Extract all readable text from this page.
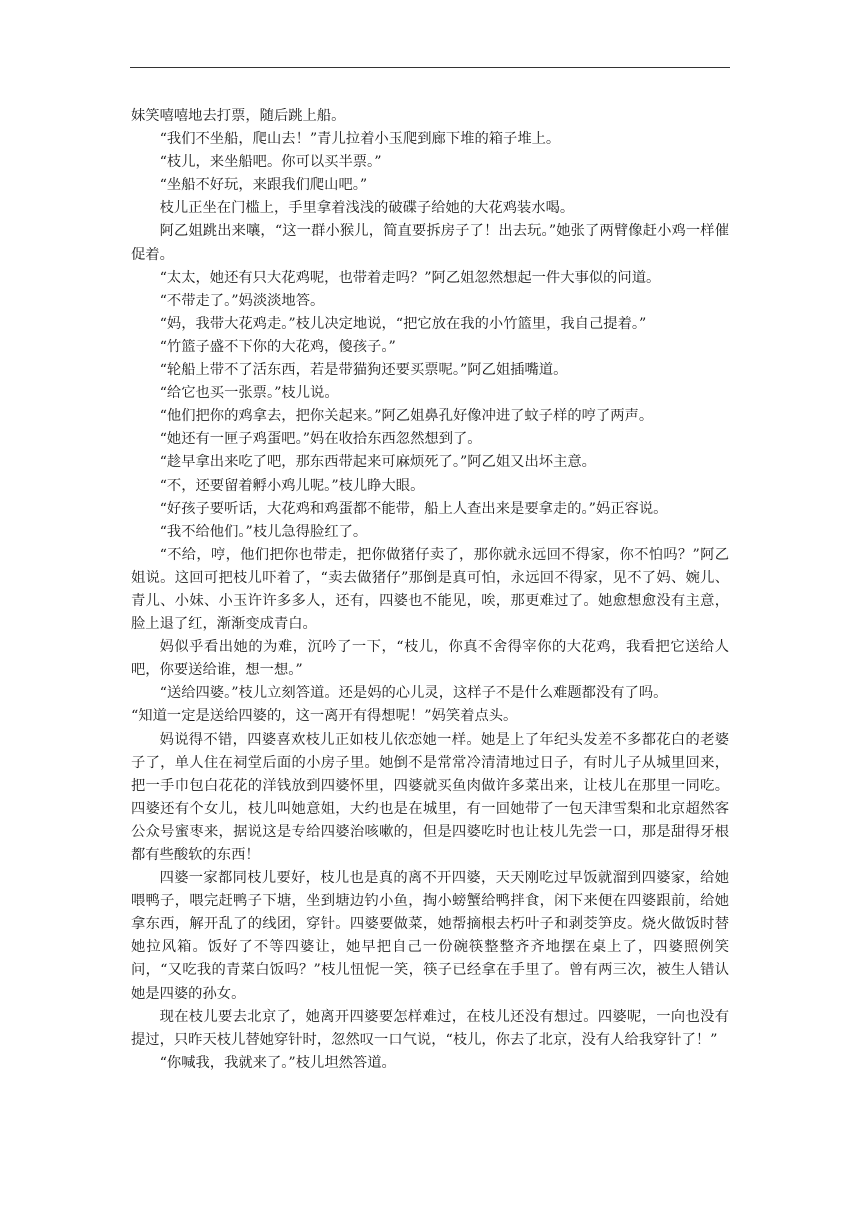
妹笑嘻嘻地去打票，随后跳上船。

“我们不坐船，爬山去！”青儿拉着小玉爬到廊下堆的箱子堆上。

“枝儿，来坐船吧。你可以买半票。”

“坐船不好玩，来跟我们爬山吧。”

枝儿正坐在门槛上，手里拿着浅浅的破碟子给她的大花鸡装水喝。

阿乙姐跳出来嚷，“这一群小猴儿，简直要拆房子了！出去玩。”她张了两臂像赶小鸡一样催促着。

“太太，她还有只大花鸡呢，也带着走吗？”阿乙姐忽然想起一件大事似的问道。

“不带走了。”妈淡淡地答。

“妈，我带大花鸡走。”枝儿决定地说，“把它放在我的小竹篮里，我自己提着。”

“竹篮子盛不下你的大花鸡，傻孩子。”

“轮船上带不了活东西，若是带猫狗还要买票呢。”阿乙姐插嘴道。

“给它也买一张票。”枝儿说。

“他们把你的鸡拿去，把你关起来。”阿乙姐鼻孔好像冲进了蚊子样的哼了两声。

“她还有一匣子鸡蛋吧。”妈在收拾东西忽然想到了。

“趁早拿出来吃了吧，那东西带起来可麻烦死了。”阿乙姐又出坏主意。

“不，还要留着孵小鸡儿呢。”枝儿睁大眼。

“好孩子要听话，大花鸡和鸡蛋都不能带，船上人查出来是要拿走的。”妈正容说。

“我不给他们。”枝儿急得脸红了。

“不给，哼，他们把你也带走，把你做猪仔卖了，那你就永远回不得家，你不怕吗？”阿乙姐说。这回可把枝儿吓着了，“卖去做猪仔”那倒是真可怕，永远回不得家，见不了妈、婉儿、青儿、小妹、小玉许许多多人，还有，四婆也不能见，唉，那更难过了。她愈想愈没有主意，脸上退了红，渐渐变成青白。

妈似乎看出她的为难，沉吟了一下，“枝儿，你真不舍得宰你的大花鸡，我看把它送给人吧，你要送给谁，想一想。”

“送给四婆。”枝儿立刻答道。还是妈的心儿灵，这样子不是什么难题都没有了吗。

“知道一定是送给四婆的，这一离开有得想呢！”妈笑着点头。

妈说得不错，四婆喜欢枝儿正如枝儿依恋她一样。她是上了年纪头发差不多都花白的老婆子了，单人住在祠堂后面的小房子里。她倒不是常常冷清清地过日子，有时儿子从城里回来，把一手巾包白花花的洋钱放到四婆怀里，四婆就买鱼肉做许多菜出来，让枝儿在那里一同吃。四婆还有个女儿，枝儿叫她意姐，大约也是在城里，有一回她带了一包天津雪梨和北京超然客公众号蜜枣来，据说这是专给四婆治咳嗽的，但是四婆吃时也让枝儿先尝一口，那是甜得牙根都有些酸软的东西！

四婆一家都同枝儿要好，枝儿也是真的离不开四婆，天天刚吃过早饭就溜到四婆家，给她喂鸭子，喂完赶鸭子下塘，坐到塘边钓小鱼，掏小螃蟹给鸭拌食，闲下来便在四婆跟前，给她拿东西，解开乱了的线团，穿针。四婆要做菜，她帮摘根去朽叶子和剥茭笋皮。烧火做饭时替她拉风箱。饭好了不等四婆让，她早把自己一份碗筷整整齐齐地摆在桌上了，四婆照例笑问，“又吃我的青菜白饭吗？”枝儿忸怩一笑，筷子已经拿在手里了。曾有两三次，被生人错认她是四婆的孙女。

现在枝儿要去北京了，她离开四婆要怎样难过，在枝儿还没有想过。四婆呢，一向也没有提过，只昨天枝儿替她穿针时，忽然叹一口气说，“枝儿，你去了北京，没有人给我穿针了！”

“你喊我，我就来了。”枝儿坦然答道。
